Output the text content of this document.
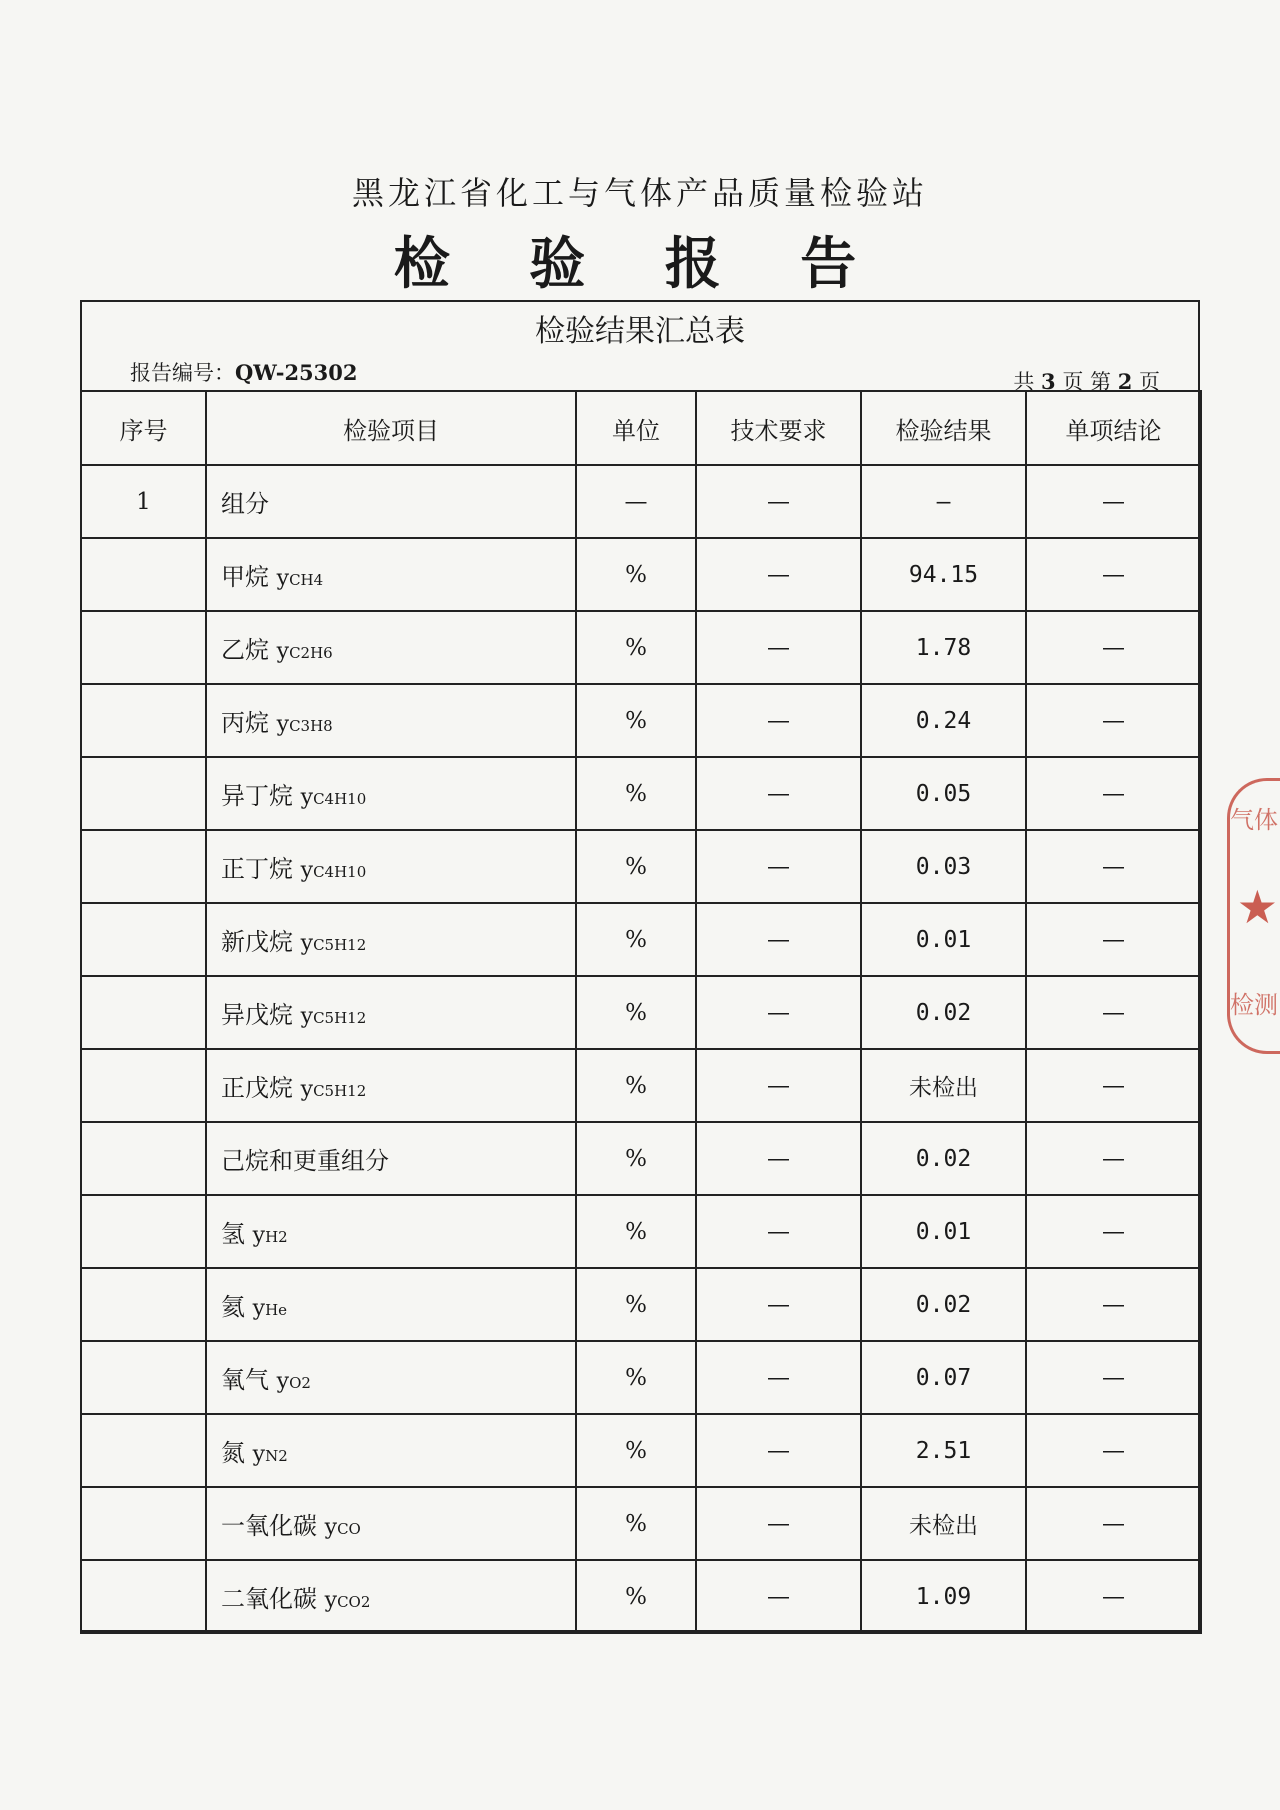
黑龙江省化工与气体产品质量检验站
检 验 报 告
检验结果汇总表
报告编号：QW-25302	共 3 页 第 2 页
序号	检验项目	单位	技术要求	检验结果	单项结论
1	组分	—	—	—	—
	甲烷 yCH4	%	—	94.15	—
	乙烷 yC2H6	%	—	1.78	—
	丙烷 yC3H8	%	—	0.24	—
	异丁烷 yC4H10	%	—	0.05	—
	正丁烷 yC4H10	%	—	0.03	—
	新戊烷 yC5H12	%	—	0.01	—
	异戊烷 yC5H12	%	—	0.02	—
	正戊烷 yC5H12	%	—	未检出	—
	己烷和更重组分	%	—	0.02	—
	氢 yH2	%	—	0.01	—
	氦 yHe	%	—	0.02	—
	氧气 yO2	%	—	0.07	—
	氮 yN2	%	—	2.51	—
	一氧化碳 yCO	%	—	未检出	—
	二氧化碳 yCO2	%	—	1.09	—
气体
★
检测
